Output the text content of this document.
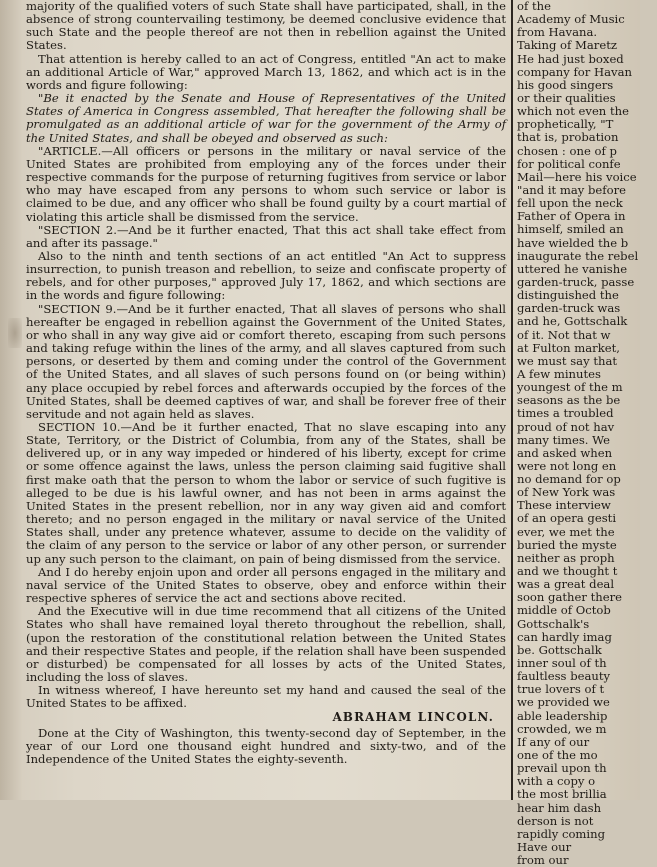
majority of the qualified voters of such State shall have participated, shall, in the absence of strong countervailing testimony, be deemed conclusive evidence that such State and the people thereof are not then in rebellion against the United States.

That attention is hereby called to an act of Congress, entitled "An act to make an additional Article of War," approved March 13, 1862, and which act is in the words and figure following:

"Be it enacted by the Senate and House of Representatives of the United States of America in Congress assembled, That hereafter the following shall be promulgated as an additional article of war for the government of the Army of the United States, and shall be obeyed and observed as such:

"ARTICLE.—All officers or persons in the military or naval service of the United States are prohibited from employing any of the forces under their respective commands for the purpose of returning fugitives from service or labor who may have escaped from any persons to whom such service or labor is claimed to be due, and any officer who shall be found guilty by a court martial of violating this article shall be dismissed from the service.

"SECTION 2.—And be it further enacted, That this act shall take effect from and after its passage."

Also to the ninth and tenth sections of an act entitled "An Act to suppress insurrection, to punish treason and rebellion, to seize and confiscate property of rebels, and for other purposes," approved July 17, 1862, and which sections are in the words and figure following:

"SECTION 9.—And be it further enacted, That all slaves of persons who shall hereafter be engaged in rebellion against the Government of the United States, or who shall in any way give aid or comfort thereto, escaping from such persons and taking refuge within the lines of the army, and all slaves captured from such persons, or deserted by them and coming under the control of the Government of the United States, and all slaves of such persons found on (or being within) any place occupied by rebel forces and afterwards occupied by the forces of the United States, shall be deemed captives of war, and shall be forever free of their servitude and not again held as slaves.

SECTION 10.—And be it further enacted, That no slave escaping into any State, Territory, or the District of Columbia, from any of the States, shall be delivered up, or in any way impeded or hindered of his liberty, except for crime or some offence against the laws, unless the person claiming said fugitive shall first make oath that the person to whom the labor or service of such fugitive is alleged to be due is his lawful owner, and has not been in arms against the United States in the present rebellion, nor in any way given aid and comfort thereto; and no person engaged in the military or naval service of the United States shall, under any pretence whatever, assume to decide on the validity of the claim of any person to the service or labor of any other person, or surrender up any such person to the claimant, on pain of being dismissed from the service.

And I do hereby enjoin upon and order all persons engaged in the military and naval service of the United States to observe, obey and enforce within their respective spheres of service the act and sections above recited.

And the Executive will in due time recommend that all citizens of the United States who shall have remained loyal thereto throughout the rebellion, shall, (upon the restoration of the constitutional relation between the United States and their respective States and people, if the relation shall have been suspended or disturbed) be compensated for all losses by acts of the United States, including the loss of slaves.

In witness whereof, I have hereunto set my hand and caused the seal of the United States to be affixed.

ABRAHAM LINCOLN.

Done at the City of Washington, this twenty-second day of September, in the year of our Lord one thousand eight hundred and sixty-two, and of the Independence of the United States the eighty-seventh.

of the
Academy of Music
from Havana.
Taking of Maretz
He had just boxed
company for Havan
his good singers
or their qualities
which not even the
prophetically, "T
that is, probation
chosen : one of p
for political confe
Mail—here his voice
"and it may before
fell upon the neck
Father of Opera in
himself, smiled an
have wielded the b
inaugurate the rebel
uttered he vanishe
garden-truck, passe
distinguished the
garden-truck was
and he, Gottschalk
of it. Not that w
at Fulton market,
we must say that
A few minutes
youngest of the m
seasons as the be
times a troubled
proud of not hav
many times. We
and asked when
were not long en
no demand for op
of New York was
These interview
of an opera gesti
ever, we met the
buried the myste
neither as proph
and we thought t
was a great deal
soon gather there
middle of Octob
Gottschalk's
can hardly imag
be. Gottschalk
inner soul of th
faultless beauty
true lovers of t
we provided we
able leadership
crowded, we m
If any of our
one of the mo
prevail upon th
with a copy o
the most brillia
hear him dash
derson is not
rapidly coming
Have our
from our
